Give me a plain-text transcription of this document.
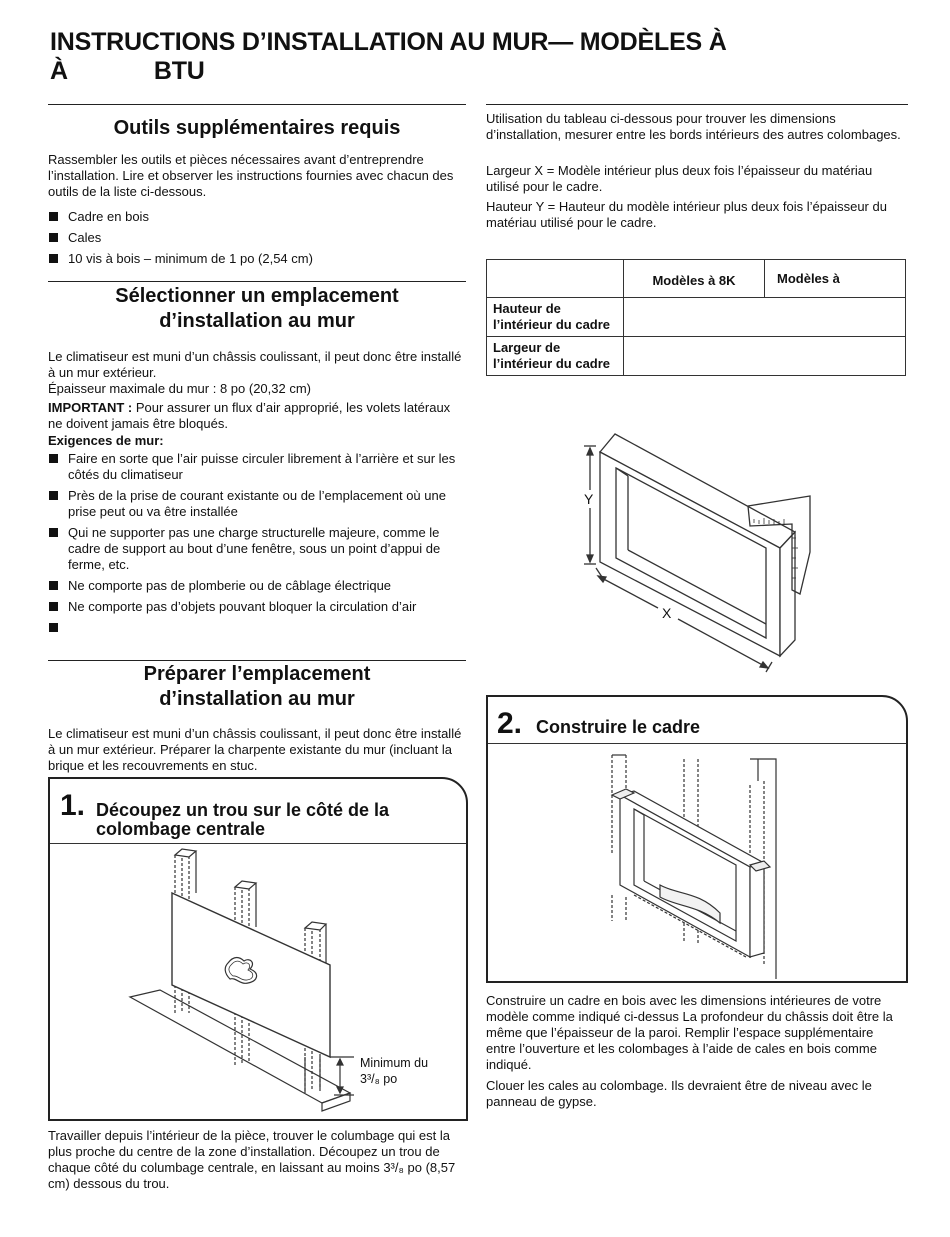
INSTRUCTIONS D’INSTALLATION AU MUR— MODÈLES À
À	BTU
Outils supplémentaires requis

Rassembler les outils et pièces nécessaires avant d’entreprendre l’installation. Lire et observer les instructions fournies avec chacun des outils de la liste ci-dessous.

Cadre en bois
Cales
10 vis à bois – minimum de 1 po (2,54 cm)
Sélectionner un emplacement
d’installation au mur

Le climatiseur est muni d’un châssis coulissant, il peut donc être installé à un mur extérieur.
Épaisseur maximale du mur : 8 po (20,32 cm)

IMPORTANT : Pour assurer un flux d’air approprié, les volets latéraux ne doivent jamais être bloqués.

Exigences de mur:

Faire en sorte que l’air puisse circuler librement à l’arrière et sur les côtés du climatiseur
Près de la prise de courant existante ou de l’emplacement où une prise peut ou va être installée
Qui ne supporter pas une charge structurelle majeure, comme le cadre de support au bout d’une fenêtre, sous un point d’appui de ferme, etc.
Ne comporte pas de plomberie ou de câblage électrique
Ne comporte pas d’objets pouvant bloquer la circulation d’air
Préparer l’emplacement
d’installation au mur

Le climatiseur est muni d’un châssis coulissant, il peut donc être installé à un mur extérieur. Préparer la charpente existante du mur (incluant la brique et les recouvrements en stuc.

1. Découpez un trou sur le côté de la
colombage centrale
Minimum du
3³/₈ po

Travailler depuis l’intérieur de la pièce, trouver le columbage qui est la plus proche du centre de la zone d’installation. Découpez un trou de chaque côté du columbage centrale, en laissant au moins 3³/₈ po (8,57 cm) dessous du trou.

Utilisation du tableau ci-dessous pour trouver les dimensions d’installation, mesurer entre les bords intérieurs des autres colombages.

Largeur X = Modèle intérieur plus deux fois l’épaisseur du matériau utilisé pour le cadre.

Hauteur Y = Hauteur du modèle intérieur plus deux fois l’épaisseur du matériau utilisé pour le cadre.

	Modèles à 8K	Modèles à
Hauteur de l’intérieur du cadre		
Largeur de l’intérieur du cadre		
Y
X
2. Construire le cadre

Construire un cadre en bois avec les dimensions intérieures de votre modèle comme indiqué ci-dessus La profondeur du châssis doit être la même que l’épaisseur de la paroi. Remplir l’espace supplémentaire entre l’ouverture et les colombages à l’aide de cales en bois comme indiqué.

Clouer les cales au colombage. Ils devraient être de niveau avec le panneau de gypse.
